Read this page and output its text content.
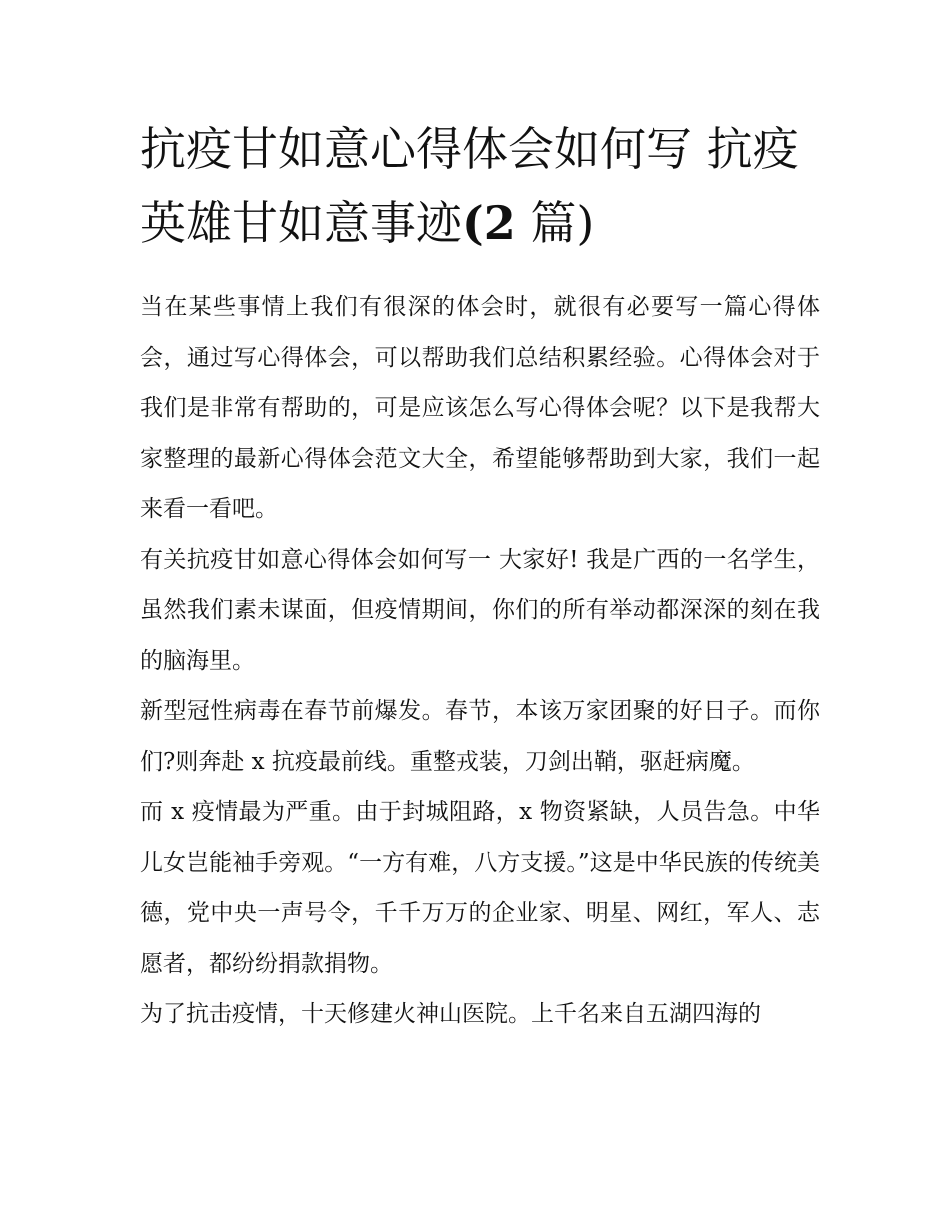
抗疫甘如意心得体会如何写 抗疫英雄甘如意事迹(2 篇)

当在某些事情上我们有很深的体会时，就很有必要写一篇心得体会，通过写心得体会，可以帮助我们总结积累经验。心得体会对于我们是非常有帮助的，可是应该怎么写心得体会呢？以下是我帮大家整理的最新心得体会范文大全，希望能够帮助到大家，我们一起来看一看吧。

有关抗疫甘如意心得体会如何写一 大家好! 我是广西的一名学生，虽然我们素未谋面，但疫情期间，你们的所有举动都深深的刻在我的脑海里。

新型冠性病毒在春节前爆发。春节，本该万家团聚的好日子。而你们?则奔赴 x 抗疫最前线。重整戎装，刀剑出鞘，驱赶病魔。

而 x 疫情最为严重。由于封城阻路，x 物资紧缺，人员告急。中华儿女岂能袖手旁观。“一方有难，八方支援。”这是中华民族的传统美德，党中央一声号令，千千万万的企业家、明星、网红，军人、志愿者，都纷纷捐款捐物。

为了抗击疫情，十天修建火神山医院。上千名来自五湖四海的
